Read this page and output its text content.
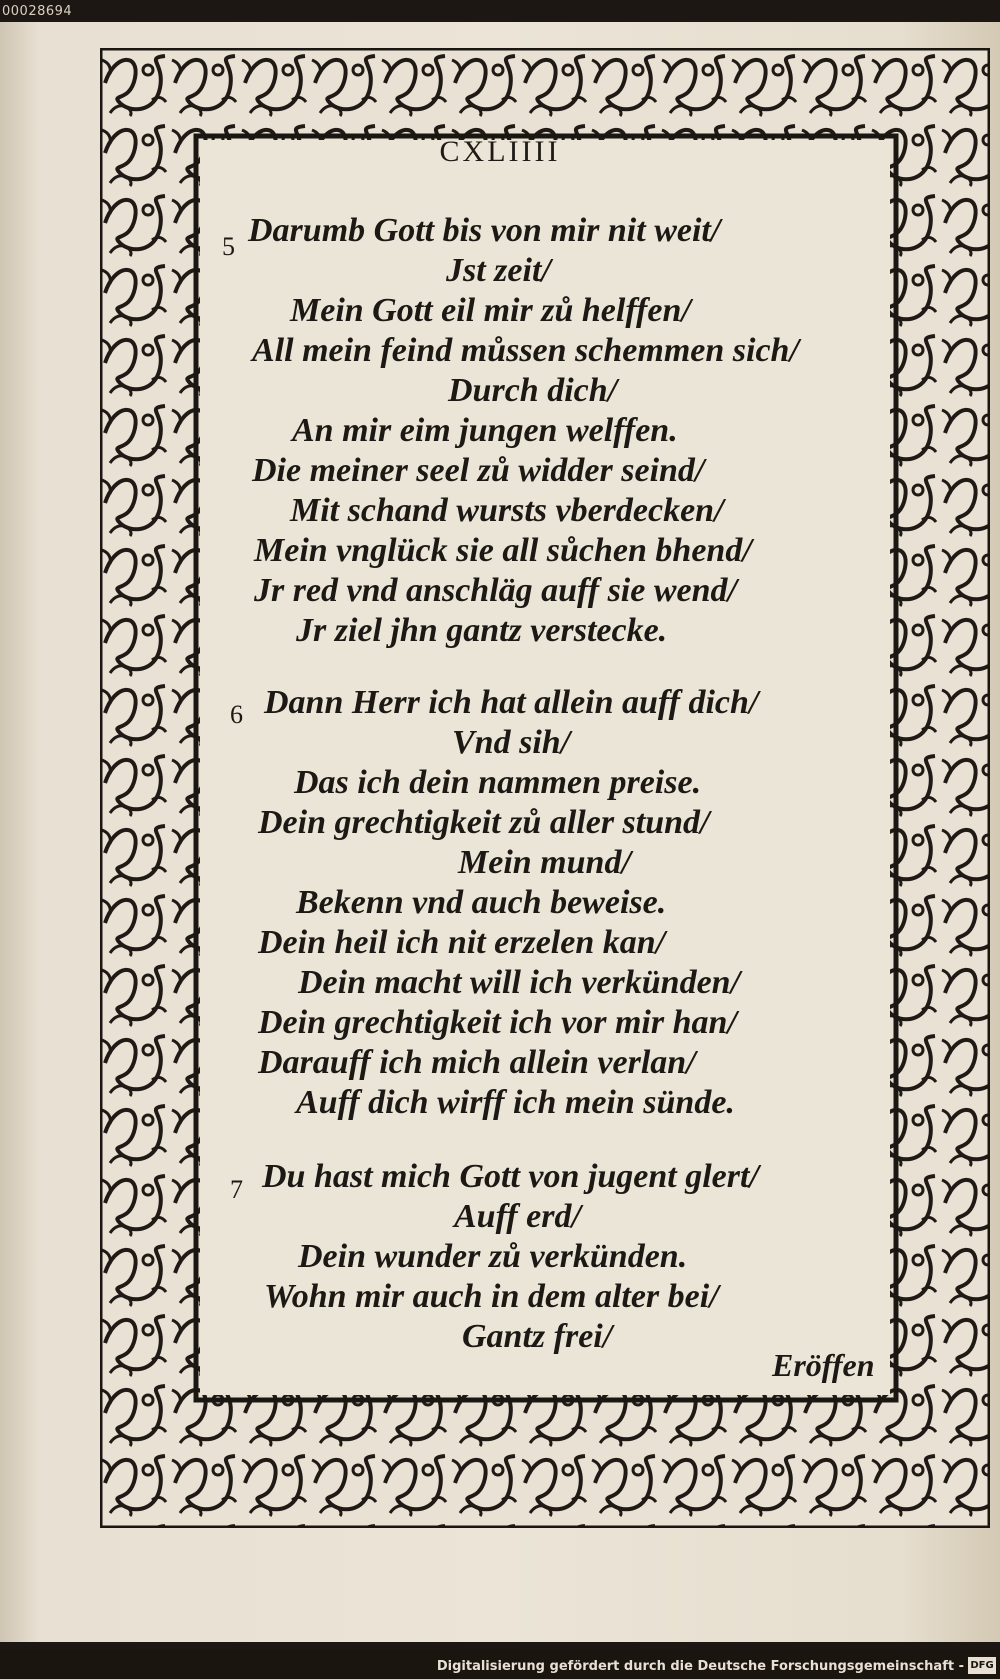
00028694
CXLIIII
5 Darumb Gott bis von mir nit weit/
Jst zeit/
Mein Gott eil mir zů helffen/
All mein feind můssen schemmen sich/
Durch dich/
An mir eim jungen welffen.
Die meiner seel zů widder seind/
Mit schand wursts vberdecken/
Mein vnglück sie all sůchen bhend/
Jr red vnd anschläg auff sie wend/
Jr ziel jhn gantz verstecke.
6 Dann Herr ich hat allein auff dich/
Vnd sih/
Das ich dein nammen preise.
Dein grechtigkeit zů aller stund/
Mein mund/
Bekenn vnd auch beweise.
Dein heil ich nit erzelen kan/
Dein macht will ich verkünden/
Dein grechtigkeit ich vor mir han/
Darauff ich mich allein verlan/
Auff dich wirff ich mein sünde.
7 Du hast mich Gott von jugent glert/
Auff erd/
Dein wunder zů verkünden.
Wohn mir auch in dem alter bei/
Gantz frei/
Eröffen
Digitalisierung gefördert durch die Deutsche Forschungsgemeinschaft - DFG
